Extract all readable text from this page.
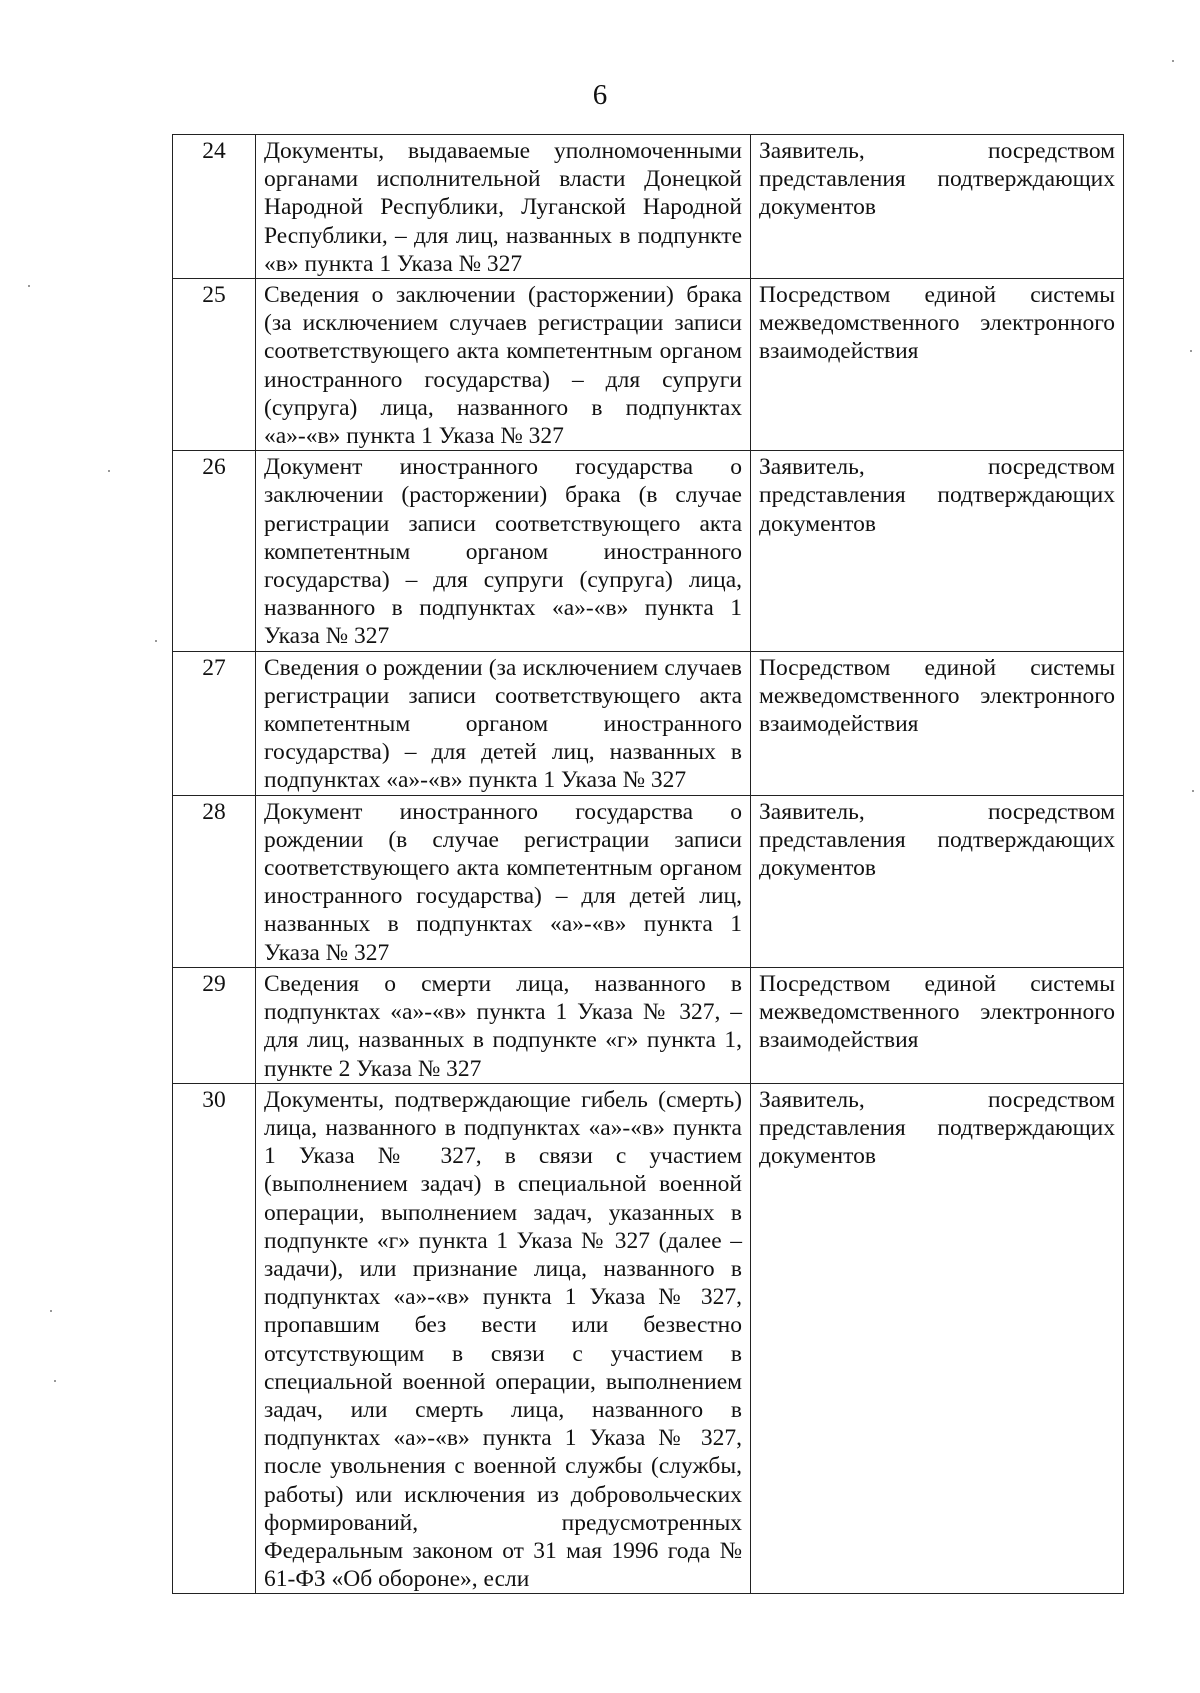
6
24	Документы, выдаваемые уполномоченными органами исполнительной власти Донецкой Народной Республики, Луганской Народной Республики, – для лиц, названных в подпункте «в» пункта 1 Указа № 327	Заявитель, посредством представления подтверждающих документов
25	Сведения о заключении (расторжении) брака (за исключением случаев регистрации записи соответствующего акта компетентным органом иностранного государства) – для супруги (супруга) лица, названного в подпунктах «а»-«в» пункта 1 Указа № 327	Посредством единой системы межведомственного электронного взаимодействия
26	Документ иностранного государства о заключении (расторжении) брака (в случае регистрации записи соответствующего акта компетентным органом иностранного государства) – для супруги (супруга) лица, названного в подпунктах «а»-«в» пункта 1 Указа № 327	Заявитель, посредством представления подтверждающих документов
27	Сведения о рождении (за исключением случаев регистрации записи соответствующего акта компетентным органом иностранного государства) – для детей лиц, названных в подпунктах «а»-«в» пункта 1 Указа № 327	Посредством единой системы межведомственного электронного взаимодействия
28	Документ иностранного государства о рождении (в случае регистрации записи соответствующего акта компетентным органом иностранного государства) – для детей лиц, названных в подпунктах «а»-«в» пункта 1 Указа № 327	Заявитель, посредством представления подтверждающих документов
29	Сведения о смерти лица, названного в подпунктах «а»-«в» пункта 1 Указа № 327, – для лиц, названных в подпункте «г» пункта 1, пункте 2 Указа № 327	Посредством единой системы межведомственного электронного взаимодействия
30	Документы, подтверждающие гибель (смерть) лица, названного в подпунктах «а»-«в» пункта 1 Указа № 327, в связи с участием (выполнением задач) в специальной военной операции, выполнением задач, указанных в подпункте «г» пункта 1 Указа № 327 (далее – задачи), или признание лица, названного в подпунктах «а»-«в» пункта 1 Указа № 327, пропавшим без вести или безвестно отсутствующим в связи с участием в специальной военной операции, выполнением задач, или смерть лица, названного в подпунктах «а»-«в» пункта 1 Указа № 327, после увольнения с военной службы (службы, работы) или исключения из добровольческих формирований, предусмотренных Федеральным законом от 31 мая 1996 года № 61-ФЗ «Об обороне», если	Заявитель, посредством представления подтверждающих документов
